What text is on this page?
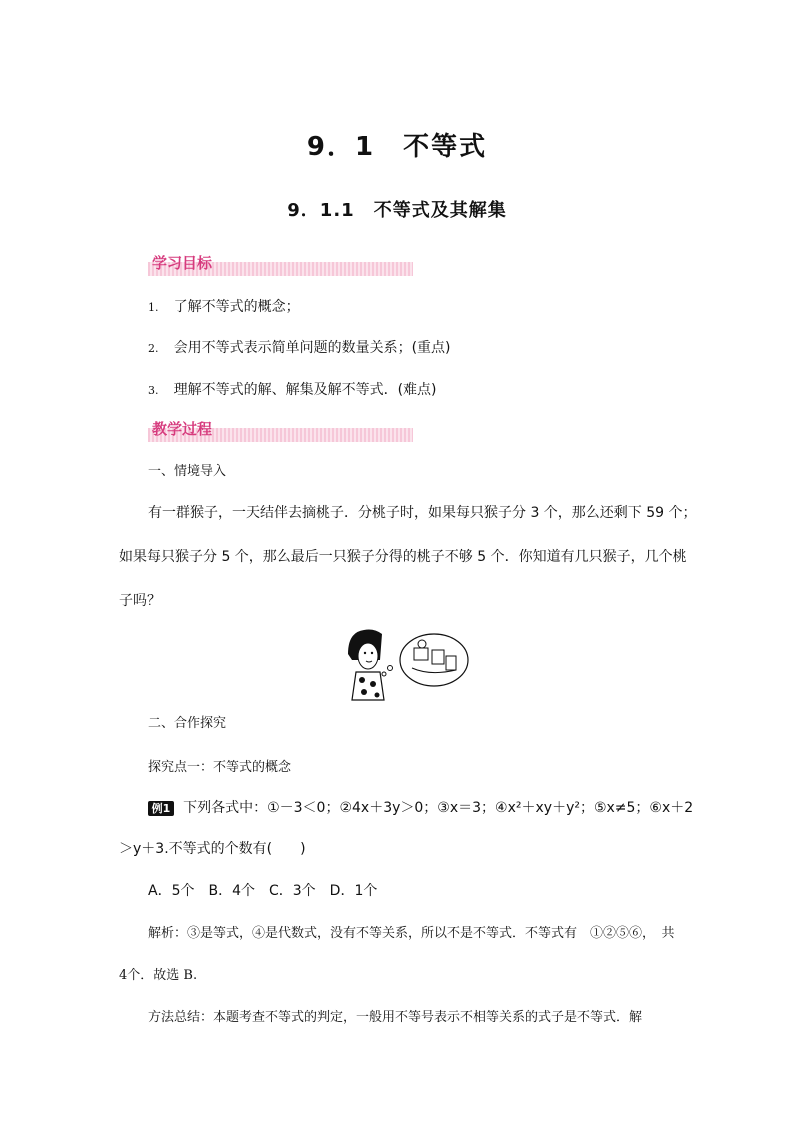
9．1　不等式
9．1.1　不等式及其解集
学习目标
1. 了解不等式的概念；
2. 会用不等式表示简单问题的数量关系；(重点)
3. 理解不等式的解、解集及解不等式．(难点)
教学过程
一、情境导入
有一群猴子，一天结伴去摘桃子．分桃子时，如果每只猴子分 3 个，那么还剩下 59 个；
如果每只猴子分 5 个，那么最后一只猴子分得的桃子不够 5 个．你知道有几只猴子，几个桃
子吗？
二、合作探究
探究点一：不等式的概念
例1 下列各式中：①－3＜0；②4x＋3y＞0；③x＝3；④x²＋xy＋y²；⑤x≠5；⑥x＋2
＞y＋3.不等式的个数有(　　)
A．5个　B．4个　C．3个　D．1个
解析：③是等式，④是代数式，没有不等关系，所以不是不等式．不等式有　①②⑤⑥，　共
4个．故选 B.
方法总结：本题考查不等式的判定，一般用不等号表示不相等关系的式子是不等式．解
